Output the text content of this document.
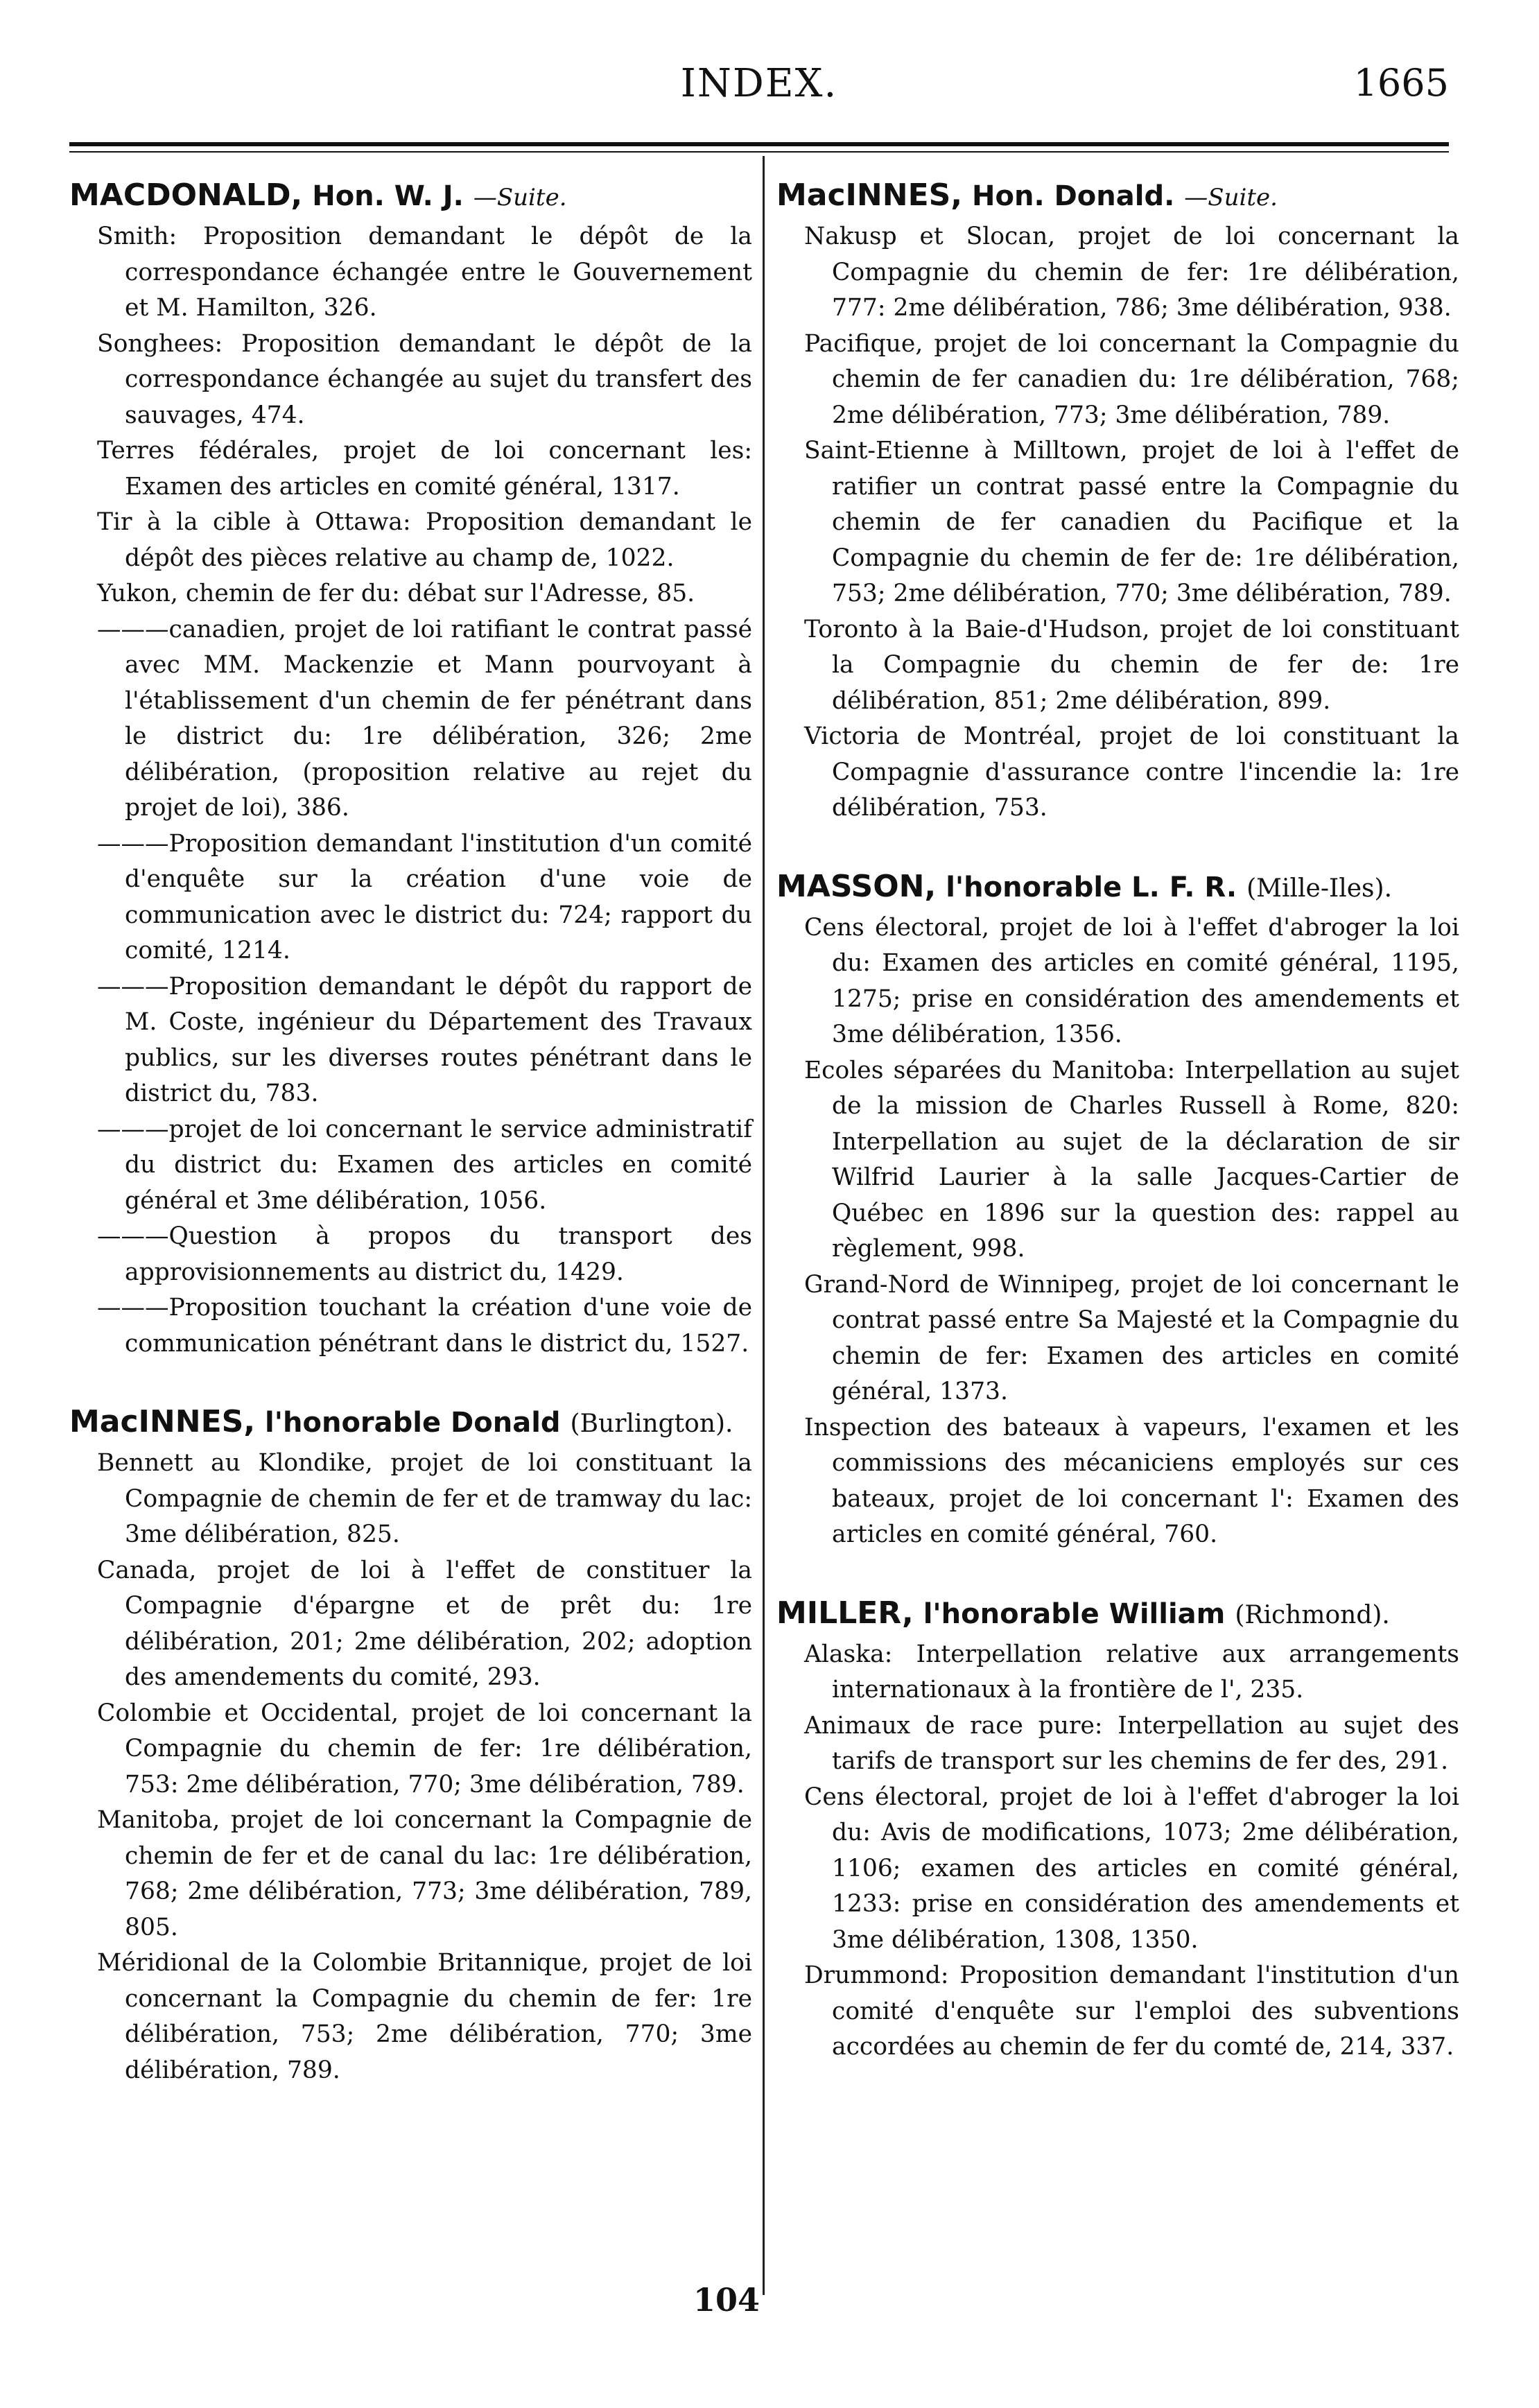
INDEX.	1665
MACDONALD, Hon. W. J. —Suite.

Smith: Proposition demandant le dépôt de la correspondance échangée entre le Gouvernement et M. Hamilton, 326.

Songhees: Proposition demandant le dépôt de la correspondance échangée au sujet du transfert des sauvages, 474.

Terres fédérales, projet de loi concernant les: Examen des articles en comité général, 1317.

Tir à la cible à Ottawa: Proposition demandant le dépôt des pièces relative au champ de, 1022.

Yukon, chemin de fer du: débat sur l'Adresse, 85.

———canadien, projet de loi ratifiant le contrat passé avec MM. Mackenzie et Mann pourvoyant à l'établissement d'un chemin de fer pénétrant dans le district du: 1re délibération, 326; 2me délibération, (proposition relative au rejet du projet de loi), 386.

———Proposition demandant l'institution d'un comité d'enquête sur la création d'une voie de communication avec le district du: 724; rapport du comité, 1214.

———Proposition demandant le dépôt du rapport de M. Coste, ingénieur du Département des Travaux publics, sur les diverses routes pénétrant dans le district du, 783.

———projet de loi concernant le service administratif du district du: Examen des articles en comité général et 3me délibération, 1056.

———Question à propos du transport des approvisionnements au district du, 1429.

———Proposition touchant la création d'une voie de communication pénétrant dans le district du, 1527.

MacINNES, l'honorable Donald (Burlington).

Bennett au Klondike, projet de loi constituant la Compagnie de chemin de fer et de tramway du lac: 3me délibération, 825.

Canada, projet de loi à l'effet de constituer la Compagnie d'épargne et de prêt du: 1re délibération, 201; 2me délibération, 202; adoption des amendements du comité, 293.

Colombie et Occidental, projet de loi concernant la Compagnie du chemin de fer: 1re délibération, 753: 2me délibération, 770; 3me délibération, 789.

Manitoba, projet de loi concernant la Compagnie de chemin de fer et de canal du lac: 1re délibération, 768; 2me délibération, 773; 3me délibération, 789, 805.

Méridional de la Colombie Britannique, projet de loi concernant la Compagnie du chemin de fer: 1re délibération, 753; 2me délibération, 770; 3me délibération, 789.

MacINNES, Hon. Donald. —Suite.

Nakusp et Slocan, projet de loi concernant la Compagnie du chemin de fer: 1re délibération, 777: 2me délibération, 786; 3me délibération, 938.

Pacifique, projet de loi concernant la Compagnie du chemin de fer canadien du: 1re délibération, 768; 2me délibération, 773; 3me délibération, 789.

Saint-Etienne à Milltown, projet de loi à l'effet de ratifier un contrat passé entre la Compagnie du chemin de fer canadien du Pacifique et la Compagnie du chemin de fer de: 1re délibération, 753; 2me délibération, 770; 3me délibération, 789.

Toronto à la Baie-d'Hudson, projet de loi constituant la Compagnie du chemin de fer de: 1re délibération, 851; 2me délibération, 899.

Victoria de Montréal, projet de loi constituant la Compagnie d'assurance contre l'incendie la: 1re délibération, 753.

MASSON, l'honorable L. F. R. (Mille-Iles).

Cens électoral, projet de loi à l'effet d'abroger la loi du: Examen des articles en comité général, 1195, 1275; prise en considération des amendements et 3me délibération, 1356.

Ecoles séparées du Manitoba: Interpellation au sujet de la mission de Charles Russell à Rome, 820: Interpellation au sujet de la déclaration de sir Wilfrid Laurier à la salle Jacques-Cartier de Québec en 1896 sur la question des: rappel au règlement, 998.

Grand-Nord de Winnipeg, projet de loi concernant le contrat passé entre Sa Majesté et la Compagnie du chemin de fer: Examen des articles en comité général, 1373.

Inspection des bateaux à vapeurs, l'examen et les commissions des mécaniciens employés sur ces bateaux, projet de loi concernant l': Examen des articles en comité général, 760.

MILLER, l'honorable William (Richmond).

Alaska: Interpellation relative aux arrangements internationaux à la frontière de l', 235.

Animaux de race pure: Interpellation au sujet des tarifs de transport sur les chemins de fer des, 291.

Cens électoral, projet de loi à l'effet d'abroger la loi du: Avis de modifications, 1073; 2me délibération, 1106; examen des articles en comité général, 1233: prise en considération des amendements et 3me délibération, 1308, 1350.

Drummond: Proposition demandant l'institution d'un comité d'enquête sur l'emploi des subventions accordées au chemin de fer du comté de, 214, 337.

104
